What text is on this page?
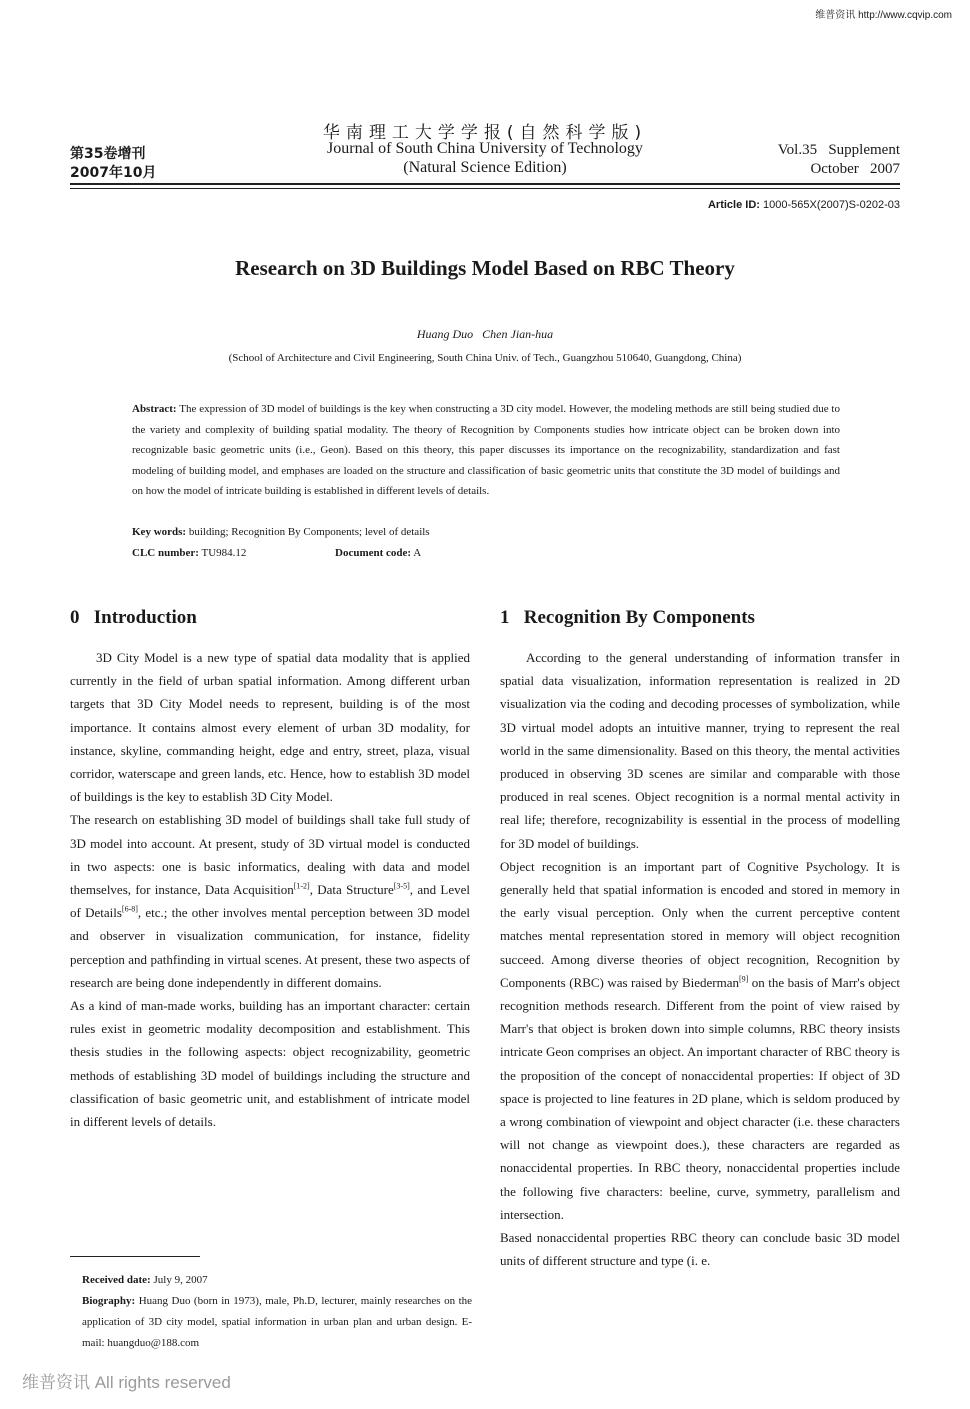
维普资讯 http://www.cqvip.com
华南理工大学学报(自然科学版)
Journal of South China University of Technology
(Natural Science Edition)
第35卷增刊
2007年10月
Vol.35   Supplement
October   2007
Article ID: 1000-565X(2007)S-0202-03
Research on 3D Buildings Model Based on RBC Theory
Huang Duo   Chen Jian-hua
(School of Architecture and Civil Engineering, South China Univ. of Tech., Guangzhou 510640, Guangdong, China)
Abstract: The expression of 3D model of buildings is the key when constructing a 3D city model. However, the modeling methods are still being studied due to the variety and complexity of building spatial modality. The theory of Recognition by Components studies how intricate object can be broken down into recognizable basic geometric units (i.e., Geon). Based on this theory, this paper discusses its importance on the recognizability, standardization and fast modeling of building model, and emphases are loaded on the structure and classification of basic geometric units that constitute the 3D model of buildings and on how the model of intricate building is established in different levels of details.
Key words: building; Recognition By Components; level of details
CLC number: TU984.12	Document code: A
0   Introduction	1   Recognition By Components

3D City Model is a new type of spatial data modality that is applied currently in the field of urban spatial information. Among different urban targets that 3D City Model needs to represent, building is of the most importance. It contains almost every element of urban 3D modality, for instance, skyline, commanding height, edge and entry, street, plaza, visual corridor, waterscape and green lands, etc. Hence, how to establish 3D model of buildings is the key to establish 3D City Model.

The research on establishing 3D model of buildings shall take full study of 3D model into account. At present, study of 3D virtual model is conducted in two aspects: one is basic informatics, dealing with data and model themselves, for instance, Data Acquisition[1-2], Data Structure[3-5], and Level of Details[6-8], etc.; the other involves mental perception between 3D model and observer in visualization communication, for instance, fidelity perception and pathfinding in virtual scenes. At present, these two aspects of research are being done independently in different domains.

As a kind of man-made works, building has an important character: certain rules exist in geometric modality decomposition and establishment. This thesis studies in the following aspects: object recognizability, geometric methods of establishing 3D model of buildings including the structure and classification of basic geometric unit, and establishment of intricate model in different levels of details.

According to the general understanding of information transfer in spatial data visualization, information representation is realized in 2D visualization via the coding and decoding processes of symbolization, while 3D virtual model adopts an intuitive manner, trying to represent the real world in the same dimensionality. Based on this theory, the mental activities produced in observing 3D scenes are similar and comparable with those produced in real scenes. Object recognition is a normal mental activity in real life; therefore, recognizability is essential in the process of modelling for 3D model of buildings.

Object recognition is an important part of Cognitive Psychology. It is generally held that spatial information is encoded and stored in memory in the early visual perception. Only when the current perceptive content matches mental representation stored in memory will object recognition succeed. Among diverse theories of object recognition, Recognition by Components (RBC) was raised by Biederman[9] on the basis of Marr's object recognition methods research. Different from the point of view raised by Marr's that object is broken down into simple columns, RBC theory insists intricate Geon comprises an object. An important character of RBC theory is the proposition of the concept of nonaccidental properties: If object of 3D space is projected to line features in 2D plane, which is seldom produced by a wrong combination of viewpoint and object character (i.e. these characters will not change as viewpoint does.), these characters are regarded as nonaccidental properties. In RBC theory, nonaccidental properties include the following five characters: beeline, curve, symmetry, parallelism and intersection.

Based nonaccidental properties RBC theory can conclude basic 3D model units of different structure and type (i. e.

Received date: July 9, 2007

Biography: Huang Duo (born in 1973), male, Ph.D, lecturer, mainly researches on the application of 3D city model, spatial information in urban plan and urban design. E-mail: huangduo@188.com

维普资讯 All rights reserved
